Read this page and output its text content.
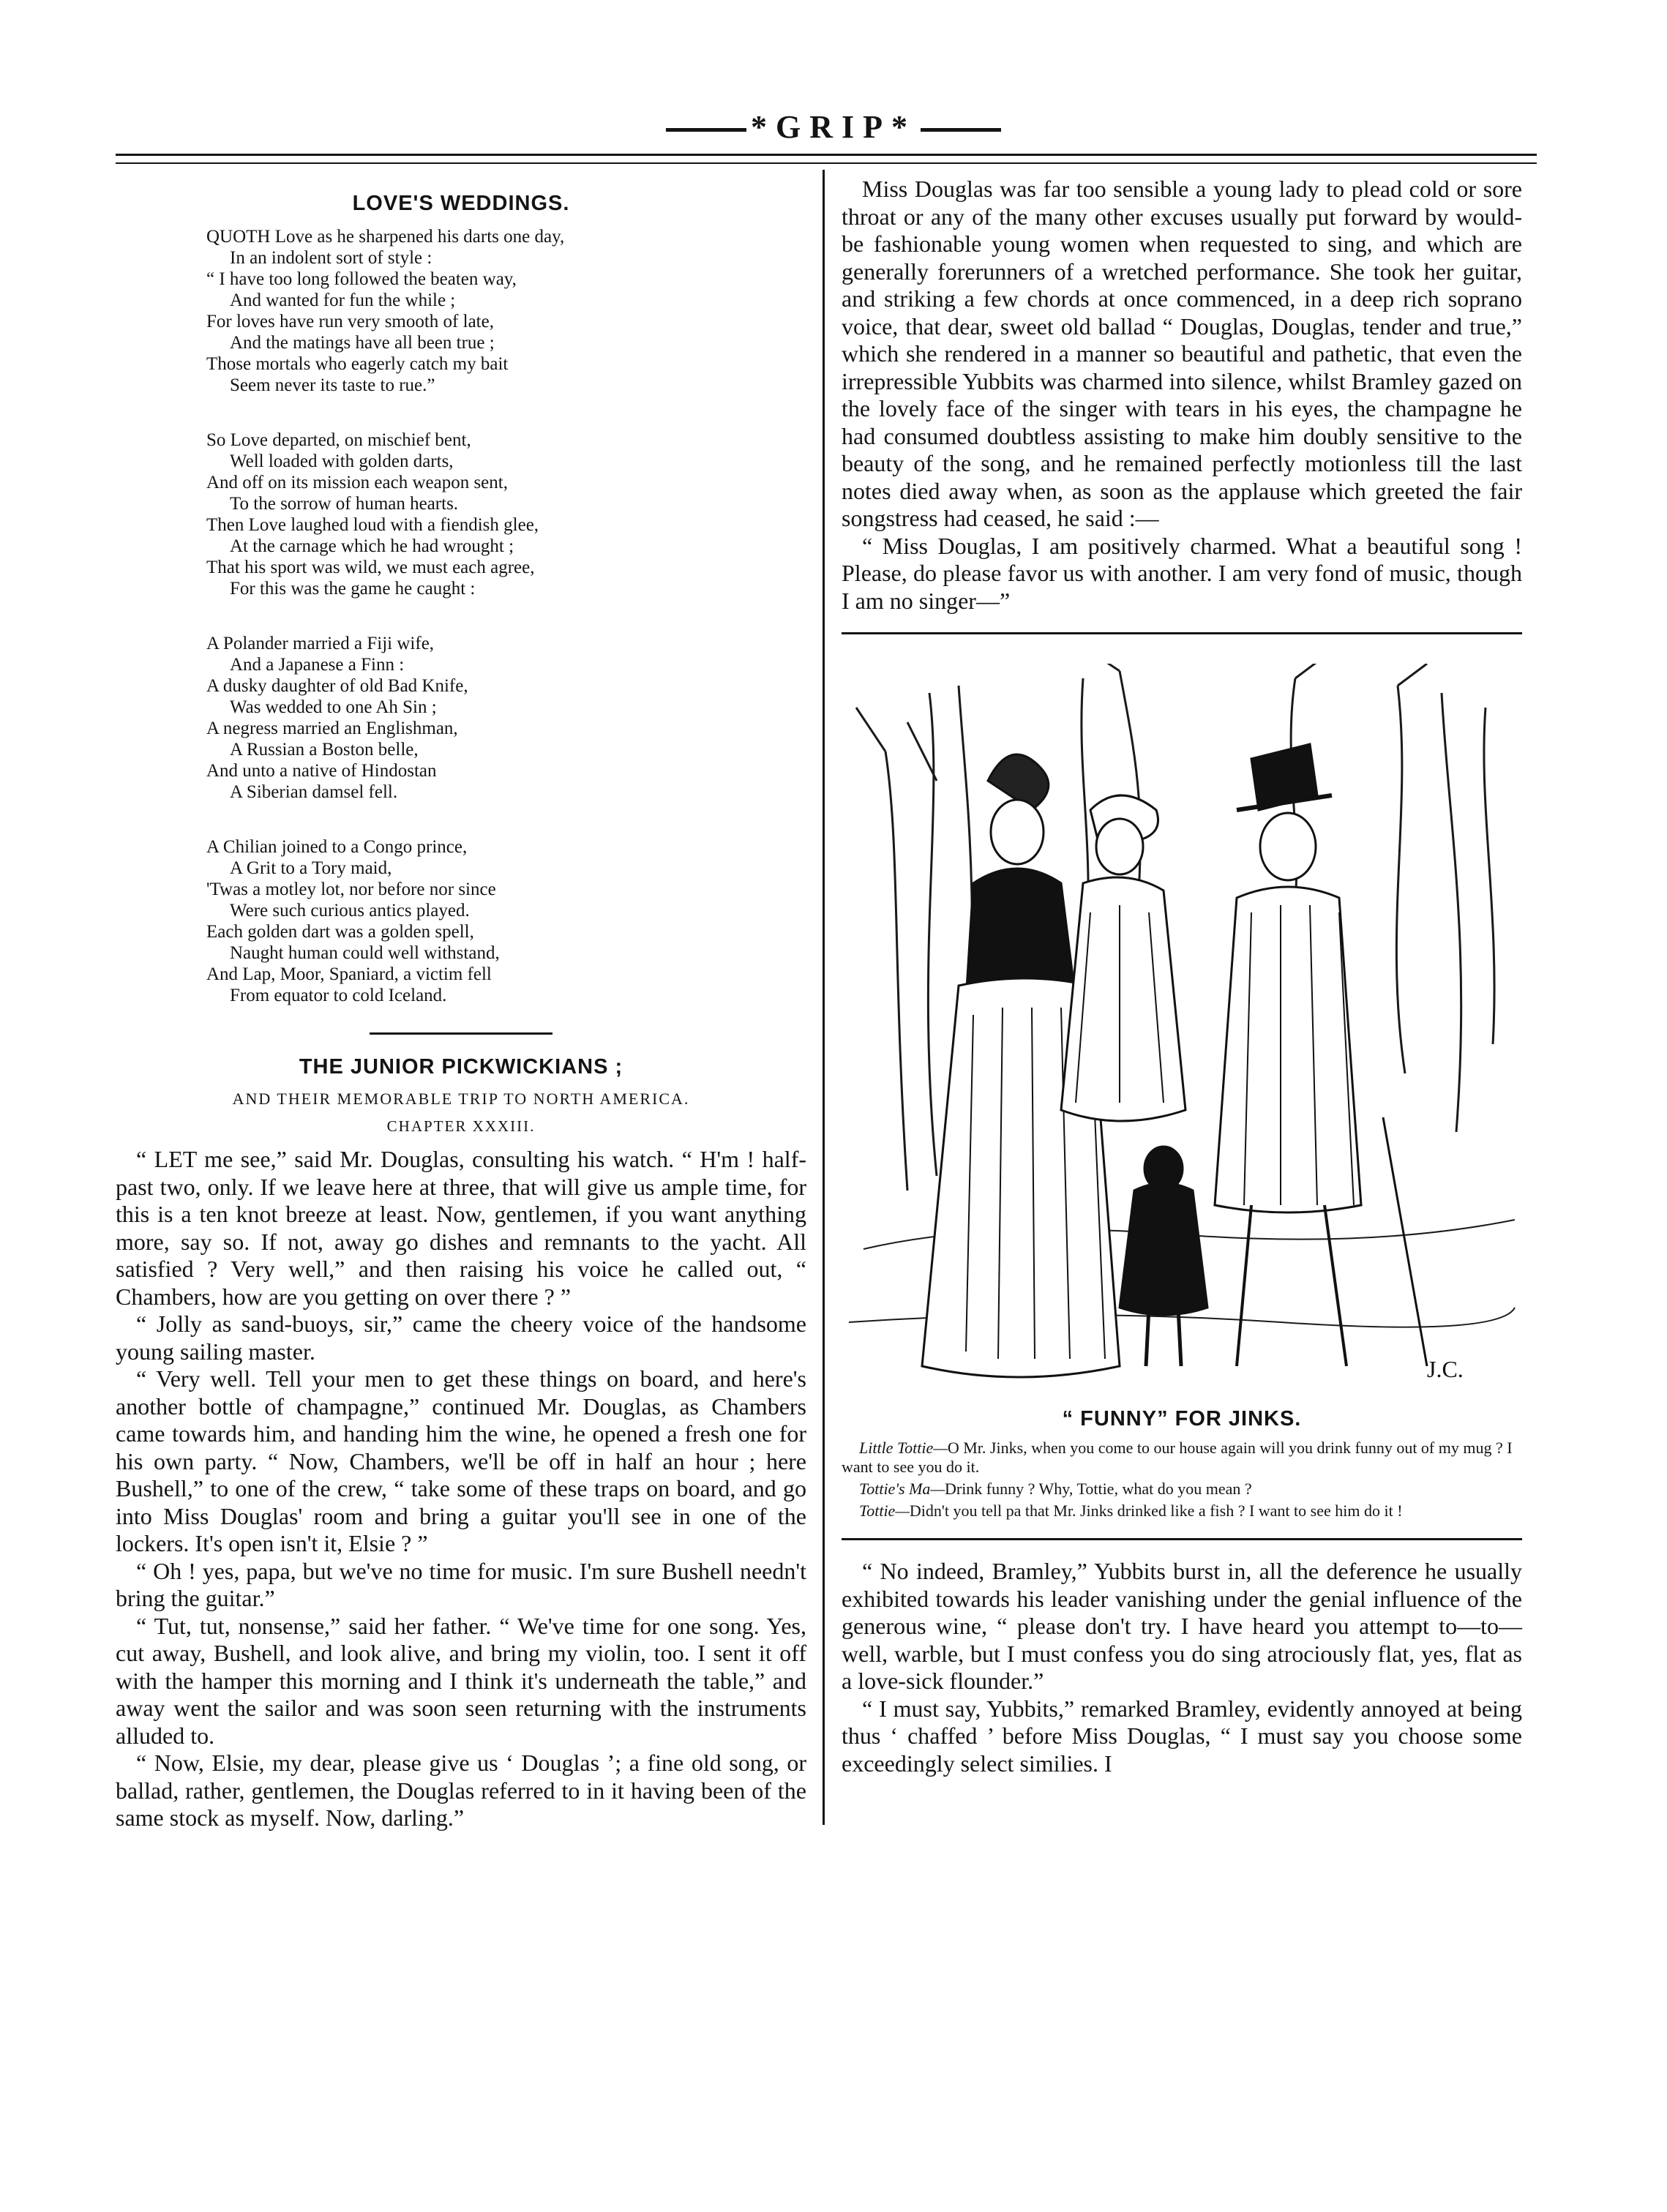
*GRIP*
LOVE'S WEDDINGS.
QUOTH Love as he sharpened his darts one day,
In an indolent sort of style :
“ I have too long followed the beaten way,
And wanted for fun the while ;
For loves have run very smooth of late,
And the matings have all been true ;
Those mortals who eagerly catch my bait
Seem never its taste to rue.”
So Love departed, on mischief bent,
Well loaded with golden darts,
And off on its mission each weapon sent,
To the sorrow of human hearts.
Then Love laughed loud with a fiendish glee,
At the carnage which he had wrought ;
That his sport was wild, we must each agree,
For this was the game he caught :
A Polander married a Fiji wife,
And a Japanese a Finn :
A dusky daughter of old Bad Knife,
Was wedded to one Ah Sin ;
A negress married an Englishman,
A Russian a Boston belle,
And unto a native of Hindostan
A Siberian damsel fell.
A Chilian joined to a Congo prince,
A Grit to a Tory maid,
'Twas a motley lot, nor before nor since
Were such curious antics played.
Each golden dart was a golden spell,
Naught human could well withstand,
And Lap, Moor, Spaniard, a victim fell
From equator to cold Iceland.
THE JUNIOR PICKWICKIANS ;
AND THEIR MEMORABLE TRIP TO NORTH AMERICA.
CHAPTER XXXIII.

“ LET me see,” said Mr. Douglas, consulting his watch. “ H'm ! half-past two, only. If we leave here at three, that will give us ample time, for this is a ten knot breeze at least. Now, gentlemen, if you want anything more, say so. If not, away go dishes and remnants to the yacht. All satisfied ? Very well,” and then raising his voice he called out, “ Chambers, how are you getting on over there ? ”

“ Jolly as sand-buoys, sir,” came the cheery voice of the handsome young sailing master.

“ Very well. Tell your men to get these things on board, and here's another bottle of champagne,” continued Mr. Douglas, as Chambers came towards him, and handing him the wine, he opened a fresh one for his own party. “ Now, Chambers, we'll be off in half an hour ; here Bushell,” to one of the crew, “ take some of these traps on board, and go into Miss Douglas' room and bring a guitar you'll see in one of the lockers. It's open isn't it, Elsie ? ”

“ Oh ! yes, papa, but we've no time for music. I'm sure Bushell needn't bring the guitar.”

“ Tut, tut, nonsense,” said her father. “ We've time for one song. Yes, cut away, Bushell, and look alive, and bring my violin, too. I sent it off with the hamper this morning and I think it's underneath the table,” and away went the sailor and was soon seen returning with the instruments alluded to.

“ Now, Elsie, my dear, please give us ‘ Douglas ’; a fine old song, or ballad, rather, gentlemen, the Douglas referred to in it having been of the same stock as myself. Now, darling.”

Miss Douglas was far too sensible a young lady to plead cold or sore throat or any of the many other excuses usually put forward by would-be fashionable young women when requested to sing, and which are generally forerunners of a wretched performance. She took her guitar, and striking a few chords at once commenced, in a deep rich soprano voice, that dear, sweet old ballad “ Douglas, Douglas, tender and true,” which she rendered in a manner so beautiful and pathetic, that even the irrepressible Yubbits was charmed into silence, whilst Bramley gazed on the lovely face of the singer with tears in his eyes, the champagne he had consumed doubtless assisting to make him doubly sensitive to the beauty of the song, and he remained perfectly motionless till the last notes died away when, as soon as the applause which greeted the fair songstress had ceased, he said :—

“ Miss Douglas, I am positively charmed. What a beautiful song ! Please, do please favor us with another. I am very fond of music, though I am no singer—”

J.C.
“ FUNNY” FOR JINKS.

Little Tottie—O Mr. Jinks, when you come to our house again will you drink funny out of my mug ? I want to see you do it.

Tottie's Ma—Drink funny ? Why, Tottie, what do you mean ?

Tottie—Didn't you tell pa that Mr. Jinks drinked like a fish ? I want to see him do it !

“ No indeed, Bramley,” Yubbits burst in, all the deference he usually exhibited towards his leader vanishing under the genial influence of the generous wine, “ please don't try. I have heard you attempt to—to—well, warble, but I must confess you do sing atrociously flat, yes, flat as a love-sick flounder.”

“ I must say, Yubbits,” remarked Bramley, evidently annoyed at being thus ‘ chaffed ’ before Miss Douglas, “ I must say you choose some exceedingly select similies. I
